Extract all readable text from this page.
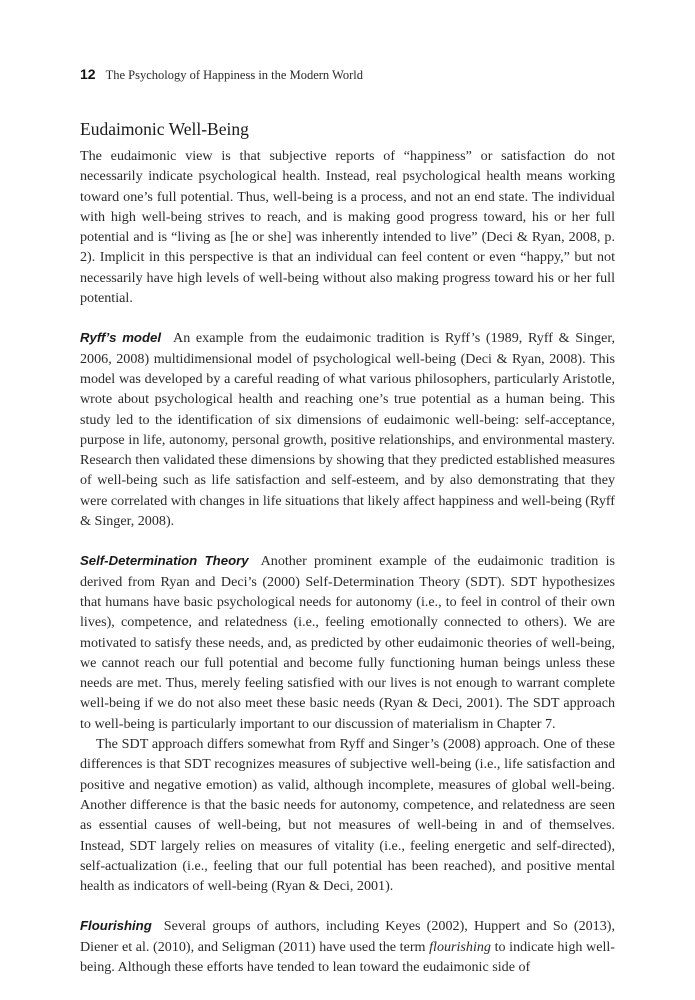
12 The Psychology of Happiness in the Modern World
Eudaimonic Well-Being

The eudaimonic view is that subjective reports of “happiness” or satisfaction do not necessarily indicate psychological health. Instead, real psychological health means working toward one’s full potential. Thus, well-being is a process, and not an end state. The individual with high well-being strives to reach, and is making good progress toward, his or her full potential and is “living as [he or she] was inherently intended to live” (Deci & Ryan, 2008, p. 2). Implicit in this perspective is that an individual can feel content or even “happy,” but not necessarily have high levels of well-being without also making progress toward his or her full potential.

Ryff’s model An example from the eudaimonic tradition is Ryff’s (1989, Ryff & Singer, 2006, 2008) multidimensional model of psychological well-being (Deci & Ryan, 2008). This model was developed by a careful reading of what various philosophers, particularly Aristotle, wrote about psychological health and reaching one’s true potential as a human being. This study led to the identification of six dimensions of eudaimonic well-being: self-acceptance, purpose in life, autonomy, personal growth, positive relationships, and environmental mastery. Research then validated these dimensions by showing that they predicted established measures of well-being such as life satisfaction and self-esteem, and by also demonstrating that they were correlated with changes in life situations that likely affect happiness and well-being (Ryff & Singer, 2008).

Self-Determination Theory Another prominent example of the eudaimonic tradition is derived from Ryan and Deci’s (2000) Self-Determination Theory (SDT). SDT hypothesizes that humans have basic psychological needs for autonomy (i.e., to feel in control of their own lives), competence, and relatedness (i.e., feeling emotionally connected to others). We are motivated to satisfy these needs, and, as predicted by other eudaimonic theories of well-being, we cannot reach our full potential and become fully functioning human beings unless these needs are met. Thus, merely feeling satisfied with our lives is not enough to warrant complete well-being if we do not also meet these basic needs (Ryan & Deci, 2001). The SDT approach to well-being is particularly important to our discussion of materialism in Chapter 7.

The SDT approach differs somewhat from Ryff and Singer’s (2008) approach. One of these differences is that SDT recognizes measures of subjective well-being (i.e., life satisfaction and positive and negative emotion) as valid, although incomplete, measures of global well-being. Another difference is that the basic needs for autonomy, competence, and relatedness are seen as essential causes of well-being, but not measures of well-being in and of themselves. Instead, SDT largely relies on measures of vitality (i.e., feeling energetic and self-directed), self-actualization (i.e., feeling that our full potential has been reached), and positive mental health as indicators of well-being (Ryan & Deci, 2001).

Flourishing Several groups of authors, including Keyes (2002), Huppert and So (2013), Diener et al. (2010), and Seligman (2011) have used the term flourishing to indicate high well-being. Although these efforts have tended to lean toward the eudaimonic side of
